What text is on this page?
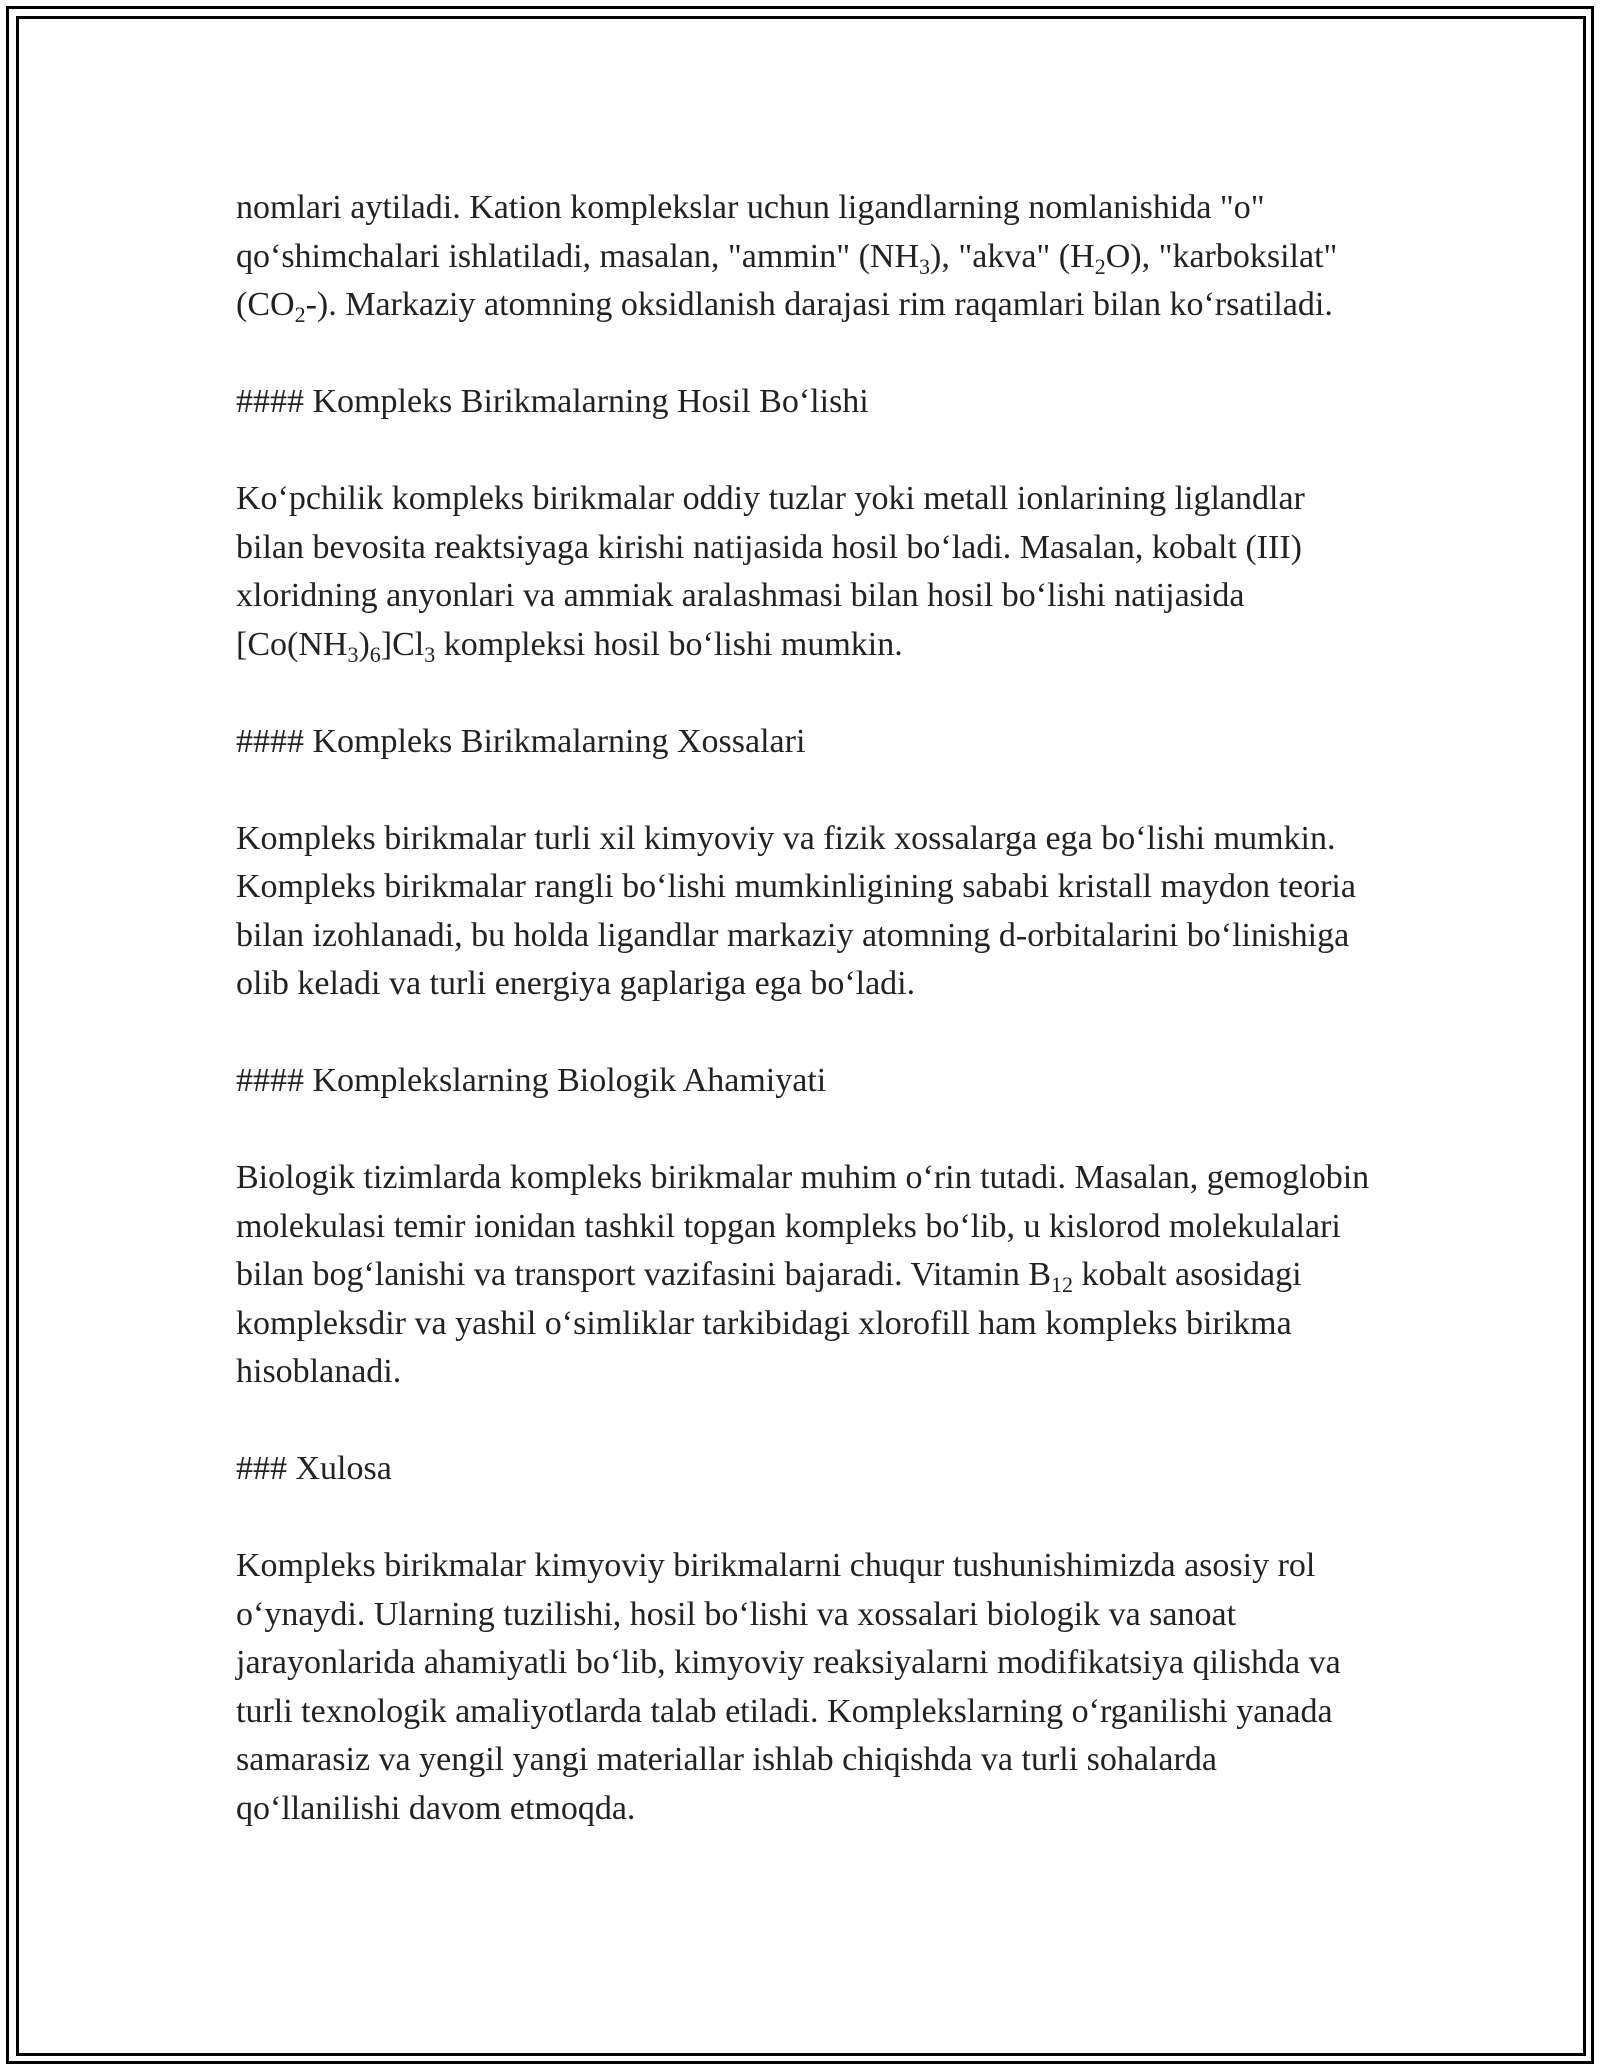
nomlari aytiladi. Kation komplekslar uchun ligandlarning nomlanishida "o" qoʻshimchalari ishlatiladi, masalan, "ammin" $(NH_3)$, "akva" $(H_2O)$, "karboksilat" $(CO_2-)$. Markaziy atomning oksidlanish darajasi rim raqamlari bilan koʻrsatiladi.

#### Kompleks Birikmalarning Hosil Boʻlishi

Koʻpchilik kompleks birikmalar oddiy tuzlar yoki metall ionlarining liglandlar bilan bevosita reaktsiyaga kirishi natijasida hosil boʻladi. Masalan, kobalt (III) xloridning anyonlari va ammiak aralashmasi bilan hosil boʻlishi natijasida $[Co(NH_3)_6]Cl_3$ kompleksi hosil boʻlishi mumkin.

#### Kompleks Birikmalarning Xossalari

Kompleks birikmalar turli xil kimyoviy va fizik xossalarga ega boʻlishi mumkin. Kompleks birikmalar rangli boʻlishi mumkinligining sababi kristall maydon teoria bilan izohlanadi, bu holda ligandlar markaziy atomning d-orbitalarini boʻlinishiga olib keladi va turli energiya gaplariga ega boʻladi.

#### Komplekslarning Biologik Ahamiyati

Biologik tizimlarda kompleks birikmalar muhim oʻrin tutadi. Masalan, gemoglobin molekulasi temir ionidan tashkil topgan kompleks boʻlib, u kislorod molekulalari bilan bogʻlanishi va transport vazifasini bajaradi. Vitamin $B_{12}$ kobalt asosidagi kompleksdir va yashil oʻsimliklar tarkibidagi xlorofill ham kompleks birikma hisoblanadi.

### Xulosa

Kompleks birikmalar kimyoviy birikmalarni chuqur tushunishimizda asosiy rol oʻynaydi. Ularning tuzilishi, hosil boʻlishi va xossalari biologik va sanoat jarayonlarida ahamiyatli boʻlib, kimyoviy reaksiyalarni modifikatsiya qilishda va turli texnologik amaliyotlarda talab etiladi. Komplekslarning oʻrganilishi yanada samarasiz va yengil yangi materiallar ishlab chiqishda va turli sohalarda qoʻllanilishi davom etmoqda.
